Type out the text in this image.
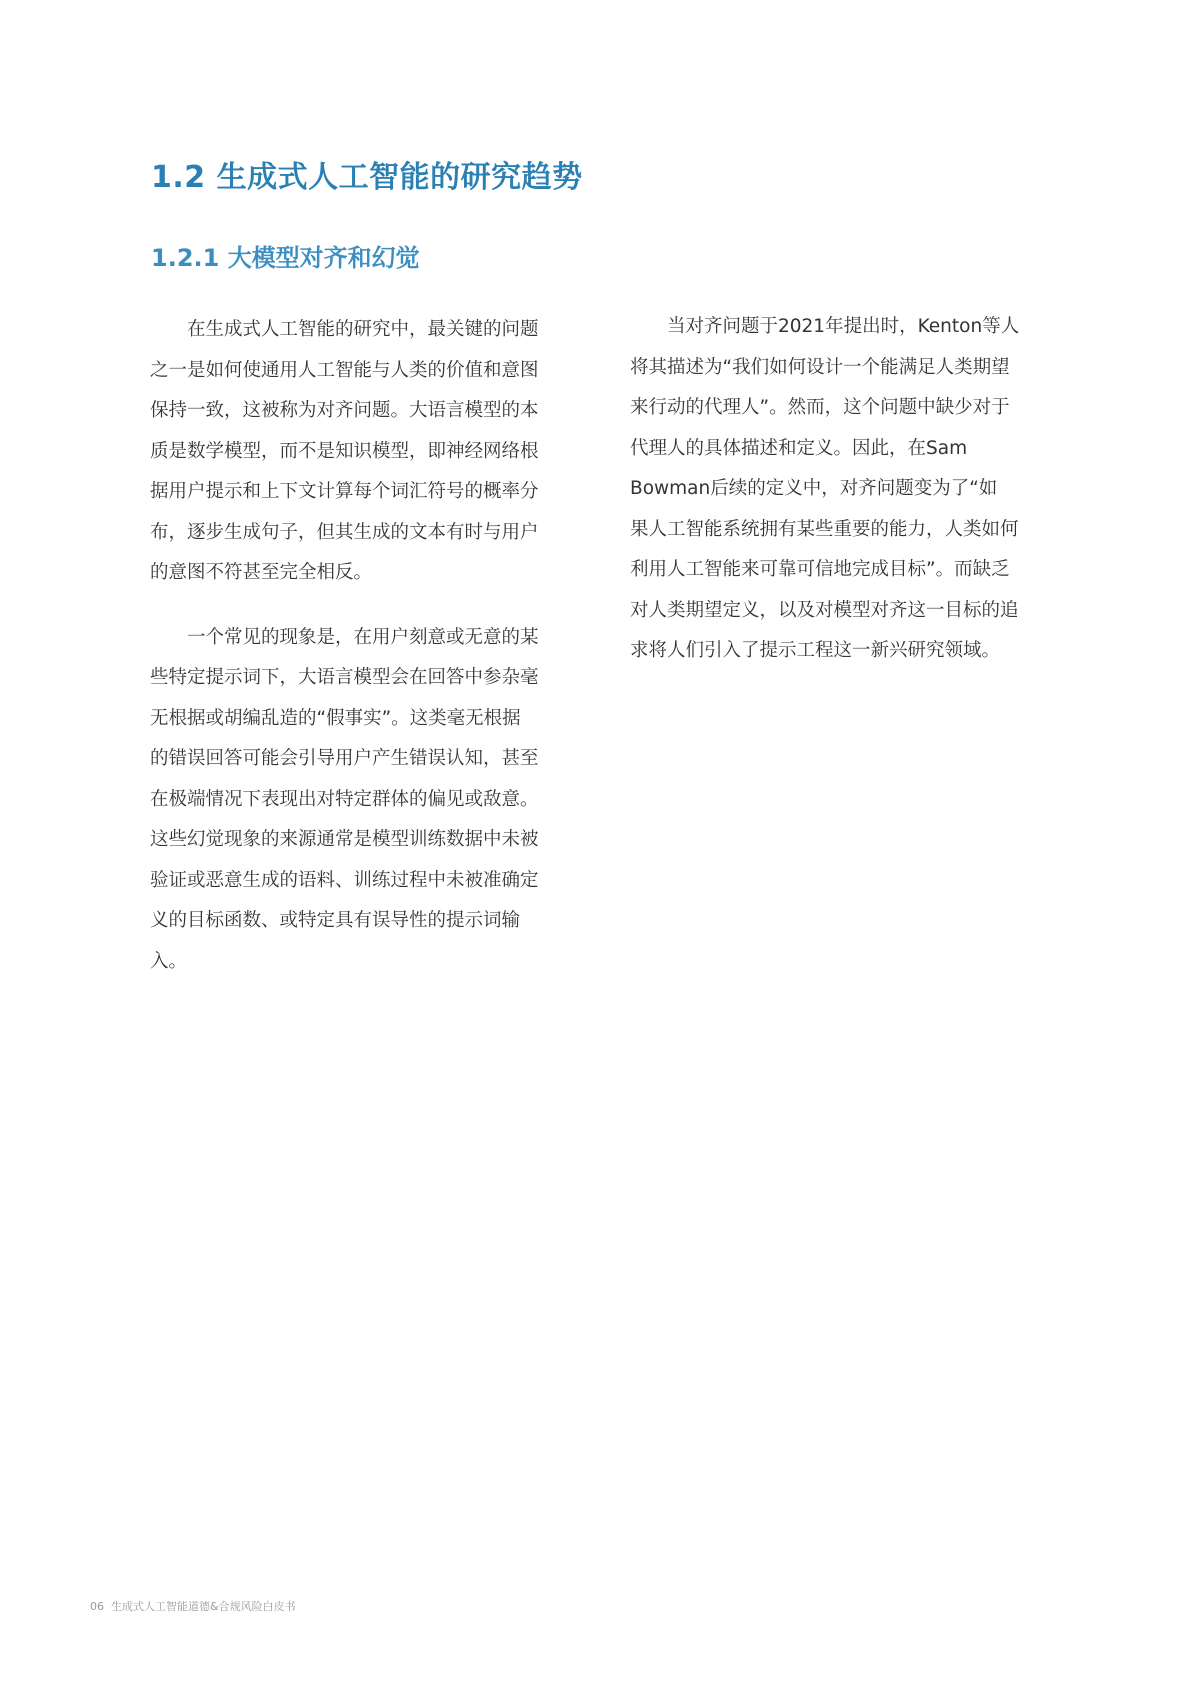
1.2 生成式人工智能的研究趋势
1.2.1 大模型对齐和幻觉
　　在生成式人工智能的研究中，最关键的问题
之一是如何使通用人工智能与人类的价值和意图
保持一致，这被称为对齐问题。大语言模型的本
质是数学模型，而不是知识模型，即神经网络根
据用户提示和上下文计算每个词汇符号的概率分
布，逐步生成句子，但其生成的文本有时与用户
的意图不符甚至完全相反。
　　一个常见的现象是，在用户刻意或无意的某
些特定提示词下，大语言模型会在回答中参杂毫
无根据或胡编乱造的“假事实”。这类毫无根据
的错误回答可能会引导用户产生错误认知，甚至
在极端情况下表现出对特定群体的偏见或敌意。
这些幻觉现象的来源通常是模型训练数据中未被
验证或恶意生成的语料、训练过程中未被准确定
义的目标函数、或特定具有误导性的提示词输
入。
　　当对齐问题于2021年提出时，Kenton等人
将其描述为“我们如何设计一个能满足人类期望
来行动的代理人”。然而，这个问题中缺少对于
代理人的具体描述和定义。因此，在Sam
Bowman后续的定义中，对齐问题变为了“如
果人工智能系统拥有某些重要的能力，人类如何
利用人工智能来可靠可信地完成目标”。而缺乏
对人类期望定义，以及对模型对齐这一目标的追
求将人们引入了提示工程这一新兴研究领域。
06 生成式人工智能道德&合规风险白皮书
